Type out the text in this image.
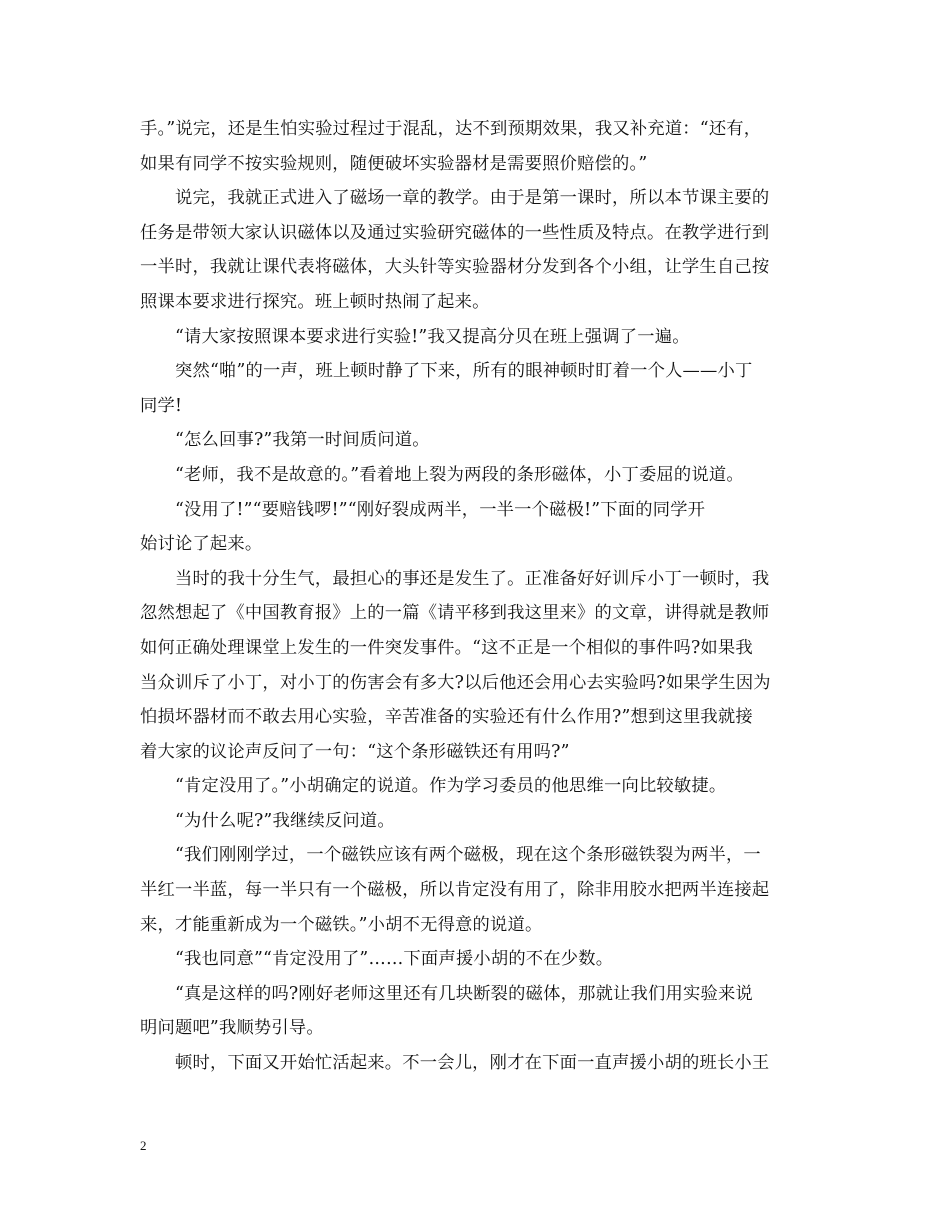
手。”说完，还是生怕实验过程过于混乱，达不到预期效果，我又补充道：“还有，
如果有同学不按实验规则，随便破坏实验器材是需要照价赔偿的。”
说完，我就正式进入了磁场一章的教学。由于是第一课时，所以本节课主要的
任务是带领大家认识磁体以及通过实验研究磁体的一些性质及特点。在教学进行到
一半时，我就让课代表将磁体，大头针等实验器材分发到各个小组，让学生自己按
照课本要求进行探究。班上顿时热闹了起来。
“请大家按照课本要求进行实验!”我又提高分贝在班上强调了一遍。
突然“啪”的一声，班上顿时静了下来，所有的眼神顿时盯着一个人——小丁
同学!
“怎么回事?”我第一时间质问道。
“老师，我不是故意的。”看着地上裂为两段的条形磁体，小丁委屈的说道。
“没用了!”“要赔钱啰!”“刚好裂成两半，一半一个磁极!”下面的同学开
始讨论了起来。
当时的我十分生气，最担心的事还是发生了。正准备好好训斥小丁一顿时，我
忽然想起了《中国教育报》上的一篇《请平移到我这里来》的文章，讲得就是教师
如何正确处理课堂上发生的一件突发事件。“这不正是一个相似的事件吗?如果我
当众训斥了小丁，对小丁的伤害会有多大?以后他还会用心去实验吗?如果学生因为
怕损坏器材而不敢去用心实验，辛苦准备的实验还有什么作用?”想到这里我就接
着大家的议论声反问了一句：“这个条形磁铁还有用吗?”
“肯定没用了。”小胡确定的说道。作为学习委员的他思维一向比较敏捷。
“为什么呢?”我继续反问道。
“我们刚刚学过，一个磁铁应该有两个磁极，现在这个条形磁铁裂为两半，一
半红一半蓝，每一半只有一个磁极，所以肯定没有用了，除非用胶水把两半连接起
来，才能重新成为一个磁铁。”小胡不无得意的说道。
“我也同意”“肯定没用了”……下面声援小胡的不在少数。
“真是这样的吗?刚好老师这里还有几块断裂的磁体，那就让我们用实验来说
明问题吧”我顺势引导。
顿时，下面又开始忙活起来。不一会儿，刚才在下面一直声援小胡的班长小王
2
